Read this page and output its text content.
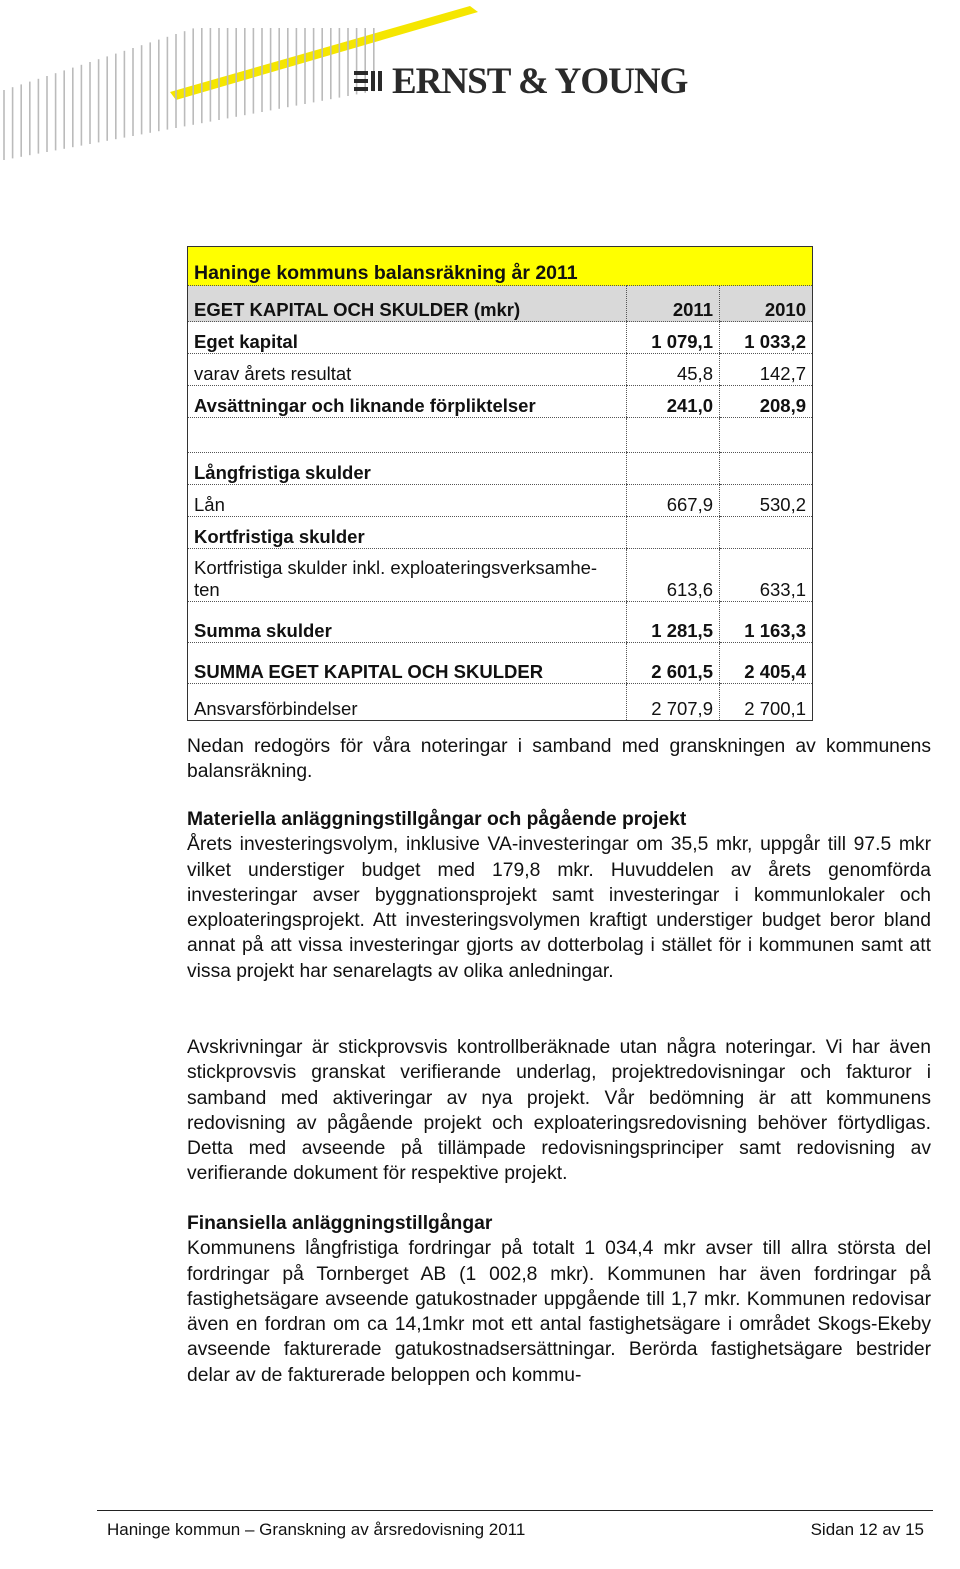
ERNST & YOUNG
Haninge kommuns balansräkning år 2011		
EGET KAPITAL OCH SKULDER (mkr)	2011	2010
Eget kapital	1 079,1	1 033,2
varav årets resultat	45,8	142,7
Avsättningar och liknande förpliktelser	241,0	208,9

Långfristiga skulder		
Lån	667,9	530,2
Kortfristiga skulder		
Kortfristiga skulder inkl. exploateringsverksamhe-
ten	613,6	633,1
Summa skulder	1 281,5	1 163,3
SUMMA EGET KAPITAL OCH SKULDER	2 601,5	2 405,4
Ansvarsförbindelser	2 707,9	2 700,1

Nedan redogörs för våra noteringar i samband med granskningen av kommunens balansräkning.

Materiella anläggningstillgångar och pågående projekt

Årets investeringsvolym, inklusive VA-investeringar om 35,5 mkr, uppgår till 97.5 mkr vilket understiger budget med 179,8 mkr. Huvuddelen av årets genomförda investeringar avser byggnationsprojekt samt investeringar i kommunlokaler och exploateringsprojekt. Att investeringsvolymen kraftigt understiger budget beror bland annat på att vissa investeringar gjorts av dotterbolag i stället för i kommunen samt att vissa projekt har senarelagts av olika anledningar.

Avskrivningar är stickprovsvis kontrollberäknade utan några noteringar. Vi har även stickprovsvis granskat verifierande underlag, projektredovisningar och fakturor i samband med aktiveringar av nya projekt. Vår bedömning är att kommunens redovisning av pågående projekt och exploateringsredovisning behöver förtydligas. Detta med avseende på tillämpade redovisningsprinciper samt redovisning av verifierande dokument för respektive projekt.

Finansiella anläggningstillgångar

Kommunens långfristiga fordringar på totalt 1 034,4 mkr avser till allra största del fordringar på Tornberget AB (1 002,8 mkr). Kommunen har även fordringar på fastighetsägare avseende gatukostnader uppgående till 1,7 mkr. Kommunen redovisar även en fordran om ca 14,1mkr mot ett antal fastighetsägare i området Skogs-Ekeby avseende fakturerade gatukostnadsersättningar. Berörda fastighetsägare bestrider delar av de fakturerade beloppen och kommu-

Haninge kommun – Granskning av årsredovisning 2011	Sidan 12 av 15
